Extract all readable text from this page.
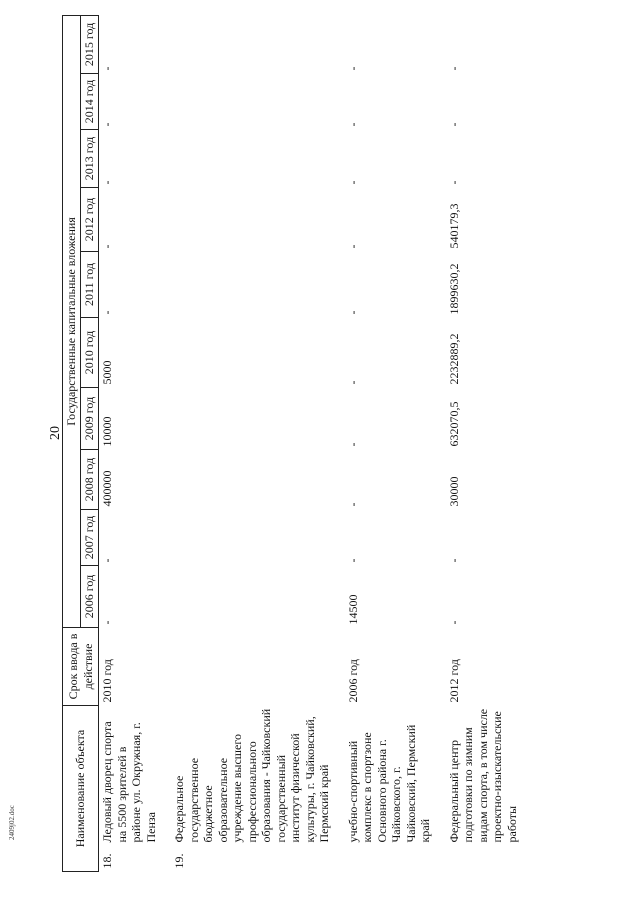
20
2409j02.doc	Наименование объекта		Срок ввода в действие	Государственные капитальные вложения									
			2006 год	2007 год	2008 год	2009 год	2010 год	2011 год	2012 год	2013 год	2014 год	2015 год
18.	Ледовый дворец спорта на 5500 зрителей в районе ул. Окружная, г. Пенза	2010 год	-	-	400000	10000	5000	-	-	-	-	-

19.	Федеральное государственное бюджетное образовательное учреждение высшего профессионального образования - Чайковский государственный институт физической культуры, г. Чайковский, Пермский край											

	учебно-спортивный комплекс в спортзоне Основного района г. Чайковского, г. Чайковский, Пермский край	2006 год	14500	-	-	-	-	-	-	-	-	-

	Федеральный центр подготовки по зимним видам спорта, в том числе проектно-изыскательские работы	2012 год	-	-	30000	632070,5	2232889,2	1899630,2	540179,3	-	-	-
